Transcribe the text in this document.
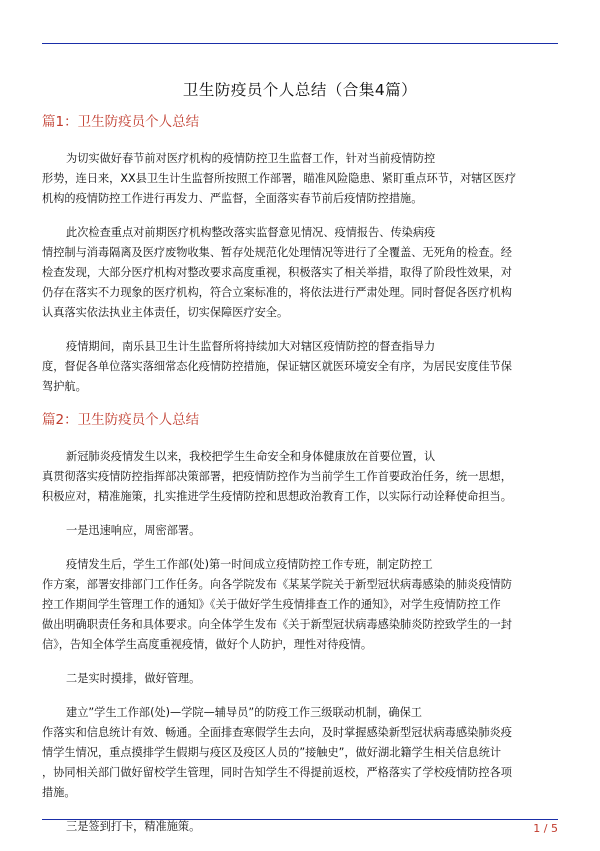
卫生防疫员个人总结（合集4篇）
篇1：卫生防疫员个人总结
为切实做好春节前对医疗机构的疫情防控卫生监督工作，针对当前疫情防控
形势，连日来，XX县卫生计生监督所按照工作部署，瞄准风险隐患、紧盯重点环节，对辖区医疗
机构的疫情防控工作进行再发力、严监督，全面落实春节前后疫情防控措施。
此次检查重点对前期医疗机构整改落实监督意见情况、疫情报告、传染病疫
情控制与消毒隔离及医疗废物收集、暂存处规范化处理情况等进行了全覆盖、无死角的检查。经
检查发现，大部分医疗机构对整改要求高度重视，积极落实了相关举措，取得了阶段性效果，对
仍存在落实不力现象的医疗机构，符合立案标准的，将依法进行严肃处理。同时督促各医疗机构
认真落实依法执业主体责任，切实保障医疗安全。
疫情期间，南乐县卫生计生监督所将持续加大对辖区疫情防控的督查指导力
度，督促各单位落实落细常态化疫情防控措施，保证辖区就医环境安全有序，为居民安度佳节保
驾护航。
篇2：卫生防疫员个人总结
新冠肺炎疫情发生以来，我校把学生生命安全和身体健康放在首要位置，认
真贯彻落实疫情防控指挥部决策部署，把疫情防控作为当前学生工作首要政治任务，统一思想，
积极应对，精准施策，扎实推进学生疫情防控和思想政治教育工作，以实际行动诠释使命担当。
一是迅速响应，周密部署。
疫情发生后，学生工作部(处)第一时间成立疫情防控工作专班，制定防控工
作方案，部署安排部门工作任务。向各学院发布《某某学院关于新型冠状病毒感染的肺炎疫情防
控工作期间学生管理工作的通知》《关于做好学生疫情排查工作的通知》，对学生疫情防控工作
做出明确职责任务和具体要求。向全体学生发布《关于新型冠状病毒感染肺炎防控致学生的一封
信》，告知全体学生高度重视疫情，做好个人防护，理性对待疫情。
二是实时摸排，做好管理。
建立”学生工作部(处)—学院—辅导员”的防疫工作三级联动机制，确保工
作落实和信息统计有效、畅通。全面排查寒假学生去向，及时掌握感染新型冠状病毒感染肺炎疫
情学生情况，重点摸排学生假期与疫区及疫区人员的”接触史”，做好湖北籍学生相关信息统计
，协同相关部门做好留校学生管理，同时告知学生不得提前返校，严格落实了学校疫情防控各项
措施。
三是签到打卡，精准施策。	1 / 5
